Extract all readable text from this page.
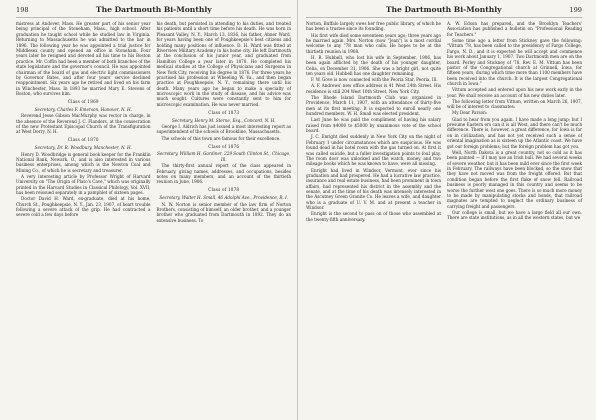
198	The Dartmouth Bi-Monthly

mistress at Andover, Mass. He greater part of his senior year being principal of the Stoneham, Mass., high school. After graduation he taught school while he studied law in Virginia. Returning to Massachusetts he was admitted to the bar in 1896. The following year he was appointed a trial justice for Middlesex county and opened an office in Stoneham. Four years later he resigned and devoted all his time to his Boston practice. Mr. Coffin had been a member of both branches of the state legislature and the governor's council. He was appointed chairman of the board of gas and electric light commissioners by Governor Bates, and after four years' service declined reappointment. Six years ago he retired and lived on his farm in Winchester, Mass. In 1893 he married Mary E. Stevens of Boston, who survives him.

Class of 1869

Secretary, Charles F. Emerson, Hanover, N. H.

Reverend Jesse Gibson MacMurphy was rector in charge, in the absence of the Reverend J. C. Flanders, at the consecration of the new Protestant Episcopal Church of the Transfiguration at West Derry, N. H.

Class of 1870

Secretary, Dr. R. Woodbury, Manchester, N. H.

Henry D. Woodbridge is general book keeper for the Franklin National Bank, Newark, O., and is also interested in various business enterprises, among which is the Newton Coal and Mining Co., of which he is secretary and treasurer.

A very interesting article by Professor Wright of Harvard University on "The Origin of Plato's Cave," which was originally printed in the Harvard Studies in Classical Philology, Vol. XVII, has been reissued separately in a pamphlet of sixteen pages.

Doctor David H. Ward, ex-graduate, died at his home, Church St., Poughkeepsie, N. Y., Jan. 23, 1907, of heart trouble following a severe attack of the grip. He had contracted a severe cold a few days before

his death, but persisted in attending to his duties, and treated his patients until a short time before his death. He was born in Pleasant Valley, N. Y., March 13, 1836, his father, Abner Ward, for years having been one of Poughkeepsie's best citizens and holding many positions of influence. D. H. Ward was fitted at Riverview Military Academy in his home city. He left Dartmouth at the conclusion of his junior year, and graduated from Hamilton College a year later in 1870. He completed his medical studies at the College of Physicians and Surgeons in New York City, receiving his degree in 1876. For three years he practised his profession at Wheeling W. Va., and then began practice at Poughkeepsie, N. Y., remaining there until his death. Many years ago he began to make a specialty of microscopic work in the study of disease, and his advice was much sought. Cultures were constantly sent to him for microscopic examination. He was never married.

Class of 1873

Secretary, Henry M. Sterne, Esq., Concord, N. H.

George I. Aldrich has just issued a most interesting report as superintendent of the schools of Brookline, Massachusetts.

The schools of this town are famous for their excellence.

Class of 1876

Secretary, William H. Gardiner, 229 South Clinton St., Chicago, Ill.

The thirty-first annual report of the class appeared in February, giving names, addresses, and occupations, besides notes on many members, and an account of the thirtieth reunion in June, 1906.

Class of 1878

Secretary, Walter H. Small, 46 Adolphi Ave., Providence, R. I.

N. W. Norton is senior member of the law firm of Norton Brothers, consisting of himself, an older brother, and a younger brother who graduated from Dartmouth in 1892. They do an extensive business. To

The Dartmouth Bi-Monthly	199

Norton, Buffalo largely owes her free public library, of which he has been a trustee since its founding.

His first wife died some seventeen years ago; three years ago he married again. Mrs. Norton (now "Jean") is a most cordial welcome to any "78 man who calls. He hopes to be at the thirtieth reunion in 1908.

H. R. Hubbell, who lost his wife in September, 1906, has been again afflicted by the death of his younger daughter, Celia, on December 31, 1906. She was a bright girl, not quite ten years old. Hubbell has one daughter remaining.

F. W. Gove is now connected with the Peoria Star, Peoria, Ill.

A. F. Andrews' new office address is 41 West 24th Street. His residence is still 204 West 10th Street, New York City.

The Rhode Island Dartmouth Club was organized in Providence, March 11, 1907, with an attendance of thirty-five men at its first meeting. It is expected to enroll nearly one hundred members. W. H. Small was elected president.

Last June he was paid the compliment of having his salary raised from $4000 to $5000 by unanimous vote of the school board.

J. C. Enright died suddenly in New York City on the night of February 1 under circumstances which are suspicious. He was found dead in his hotel room with the gas turned on. At first it was called suicide, but a fuller investigation points to foul play. The room door was unlocked and the watch, money, and two mileage books which he was known to have, were all missing.

Enright had lived in Windsor, Vermont, ever since his graduation and had prospered. He had a lucrative law practice, insurance and real estate business, had been prominent in town affairs, had represented his district in the assembly and the senate, and at the time of his death was intensely interested in the Ascutney Green Granite Co. He leaves a wife, and daughter who is a graduate of U. V. M. and at present a teacher in Windsor.

Enright is the second to pass on of those who assembled at the twenty-fifth anniversary.

A. W. Edson has prepared, and the Brooklyn Teachers' Association has published a bulletin on "Professional Reading for Teachers."

Some time ago a letter from Stickney gave the following: "Vittum '78, has been called to the presidency of Fargo College, Fargo, N. D., and it is expected he will accept and commence his work about January 1, 1907. Two Dartmouth men are on the board. Perley and Stickney of '78. Rev. E. M. Vittum has been pastor of the Congregational church at Grinnell, Iowa, for fifteen years, during which time more than 1100 members have been received into the church. It is the largest Congregational church in Iowa."

Vittum accepted and entered upon his new work early in the year. We shall receive an account of his new duties later.

The following letter from Vittum, written on March 26, 1907, will be of interest to classmates:

My Dear Parson:

Glad to hear from you again. I have made a long jump; but I presume Eastern ers can it is all West, and there can't be much difference. There is, however, a great difference, for Iowa is far on in civilization, and has not yet received such a sense of oriental imagination as is sixteen up the Atlantic coast. We have got our foreign problems; but the foreign problem has got you.

Well, North Dakota is a great country, not so cold as it has been painted — if I may use an Irish bull. We had several weeks of severe weather, but it has been mild ever since the first week in February. The railways have been blocked, so the snow that they have not moved was from the freight offered. But that condition began before the first flake of snow fell. Railroad business is poorly managed in this country and seems to be worse the further west one goes. There is so much more money to be made by manipulating stocks and bonds, that railroad magnates are tempted to neglect the ordinary business of carrying freight and passengers.

Our college is small, but we have a large field all our own. There are state institutions, as in all the western states, but we
